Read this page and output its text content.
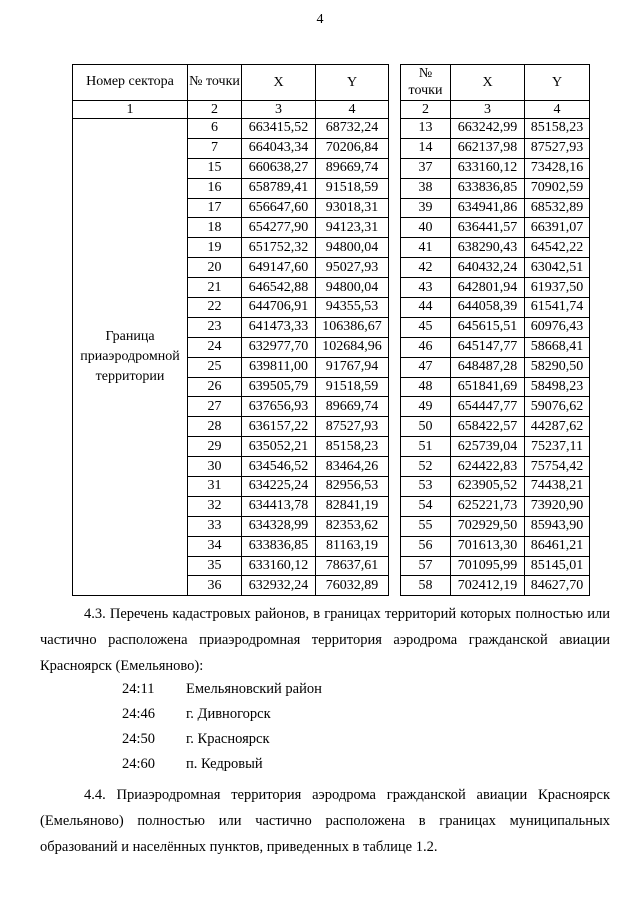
4
Номер сектора	№ точки	X	Y
1	2	3	4
Граница приаэродромной территории	6	663415,52	68732,24
	7	664043,34	70206,84
	15	660638,27	89669,74
	16	658789,41	91518,59
	17	656647,60	93018,31
	18	654277,90	94123,31
	19	651752,32	94800,04
	20	649147,60	95027,93
	21	646542,88	94800,04
	22	644706,91	94355,53
	23	641473,33	106386,67
	24	632977,70	102684,96
	25	639811,00	91767,94
	26	639505,79	91518,59
	27	637656,93	89669,74
	28	636157,22	87527,93
	29	635052,21	85158,23
	30	634546,52	83464,26
	31	634225,24	82956,53
	32	634413,78	82841,19
	33	634328,99	82353,62
	34	633836,85	81163,19
	35	633160,12	78637,61
	36	632932,24	76032,89
№ точки	X	Y
2	3	4
13	663242,99	85158,23
14	662137,98	87527,93
37	633160,12	73428,16
38	633836,85	70902,59
39	634941,86	68532,89
40	636441,57	66391,07
41	638290,43	64542,22
42	640432,24	63042,51
43	642801,94	61937,50
44	644058,39	61541,74
45	645615,51	60976,43
46	645147,77	58668,41
47	648487,28	58290,50
48	651841,69	58498,23
49	654447,77	59076,62
50	658422,57	44287,62
51	625739,04	75237,11
52	624422,83	75754,42
53	623905,52	74438,21
54	625221,73	73920,90
55	702929,50	85943,90
56	701613,30	86461,21
57	701095,99	85145,01
58	702412,19	84627,70
4.3. Перечень кадастровых районов, в границах территорий которых полностью или частично расположена приаэродромная территория аэродрома гражданской авиации Красноярск (Емельяново):
24:11	Емельяновский район
24:46	г. Дивногорск
24:50	г. Красноярск
24:60	п. Кедровый
4.4. Приаэродромная территория аэродрома гражданской авиации Красноярск (Емельяново) полностью или частично расположена в границах муниципальных образований и населённых пунктов, приведенных в таблице 1.2.
